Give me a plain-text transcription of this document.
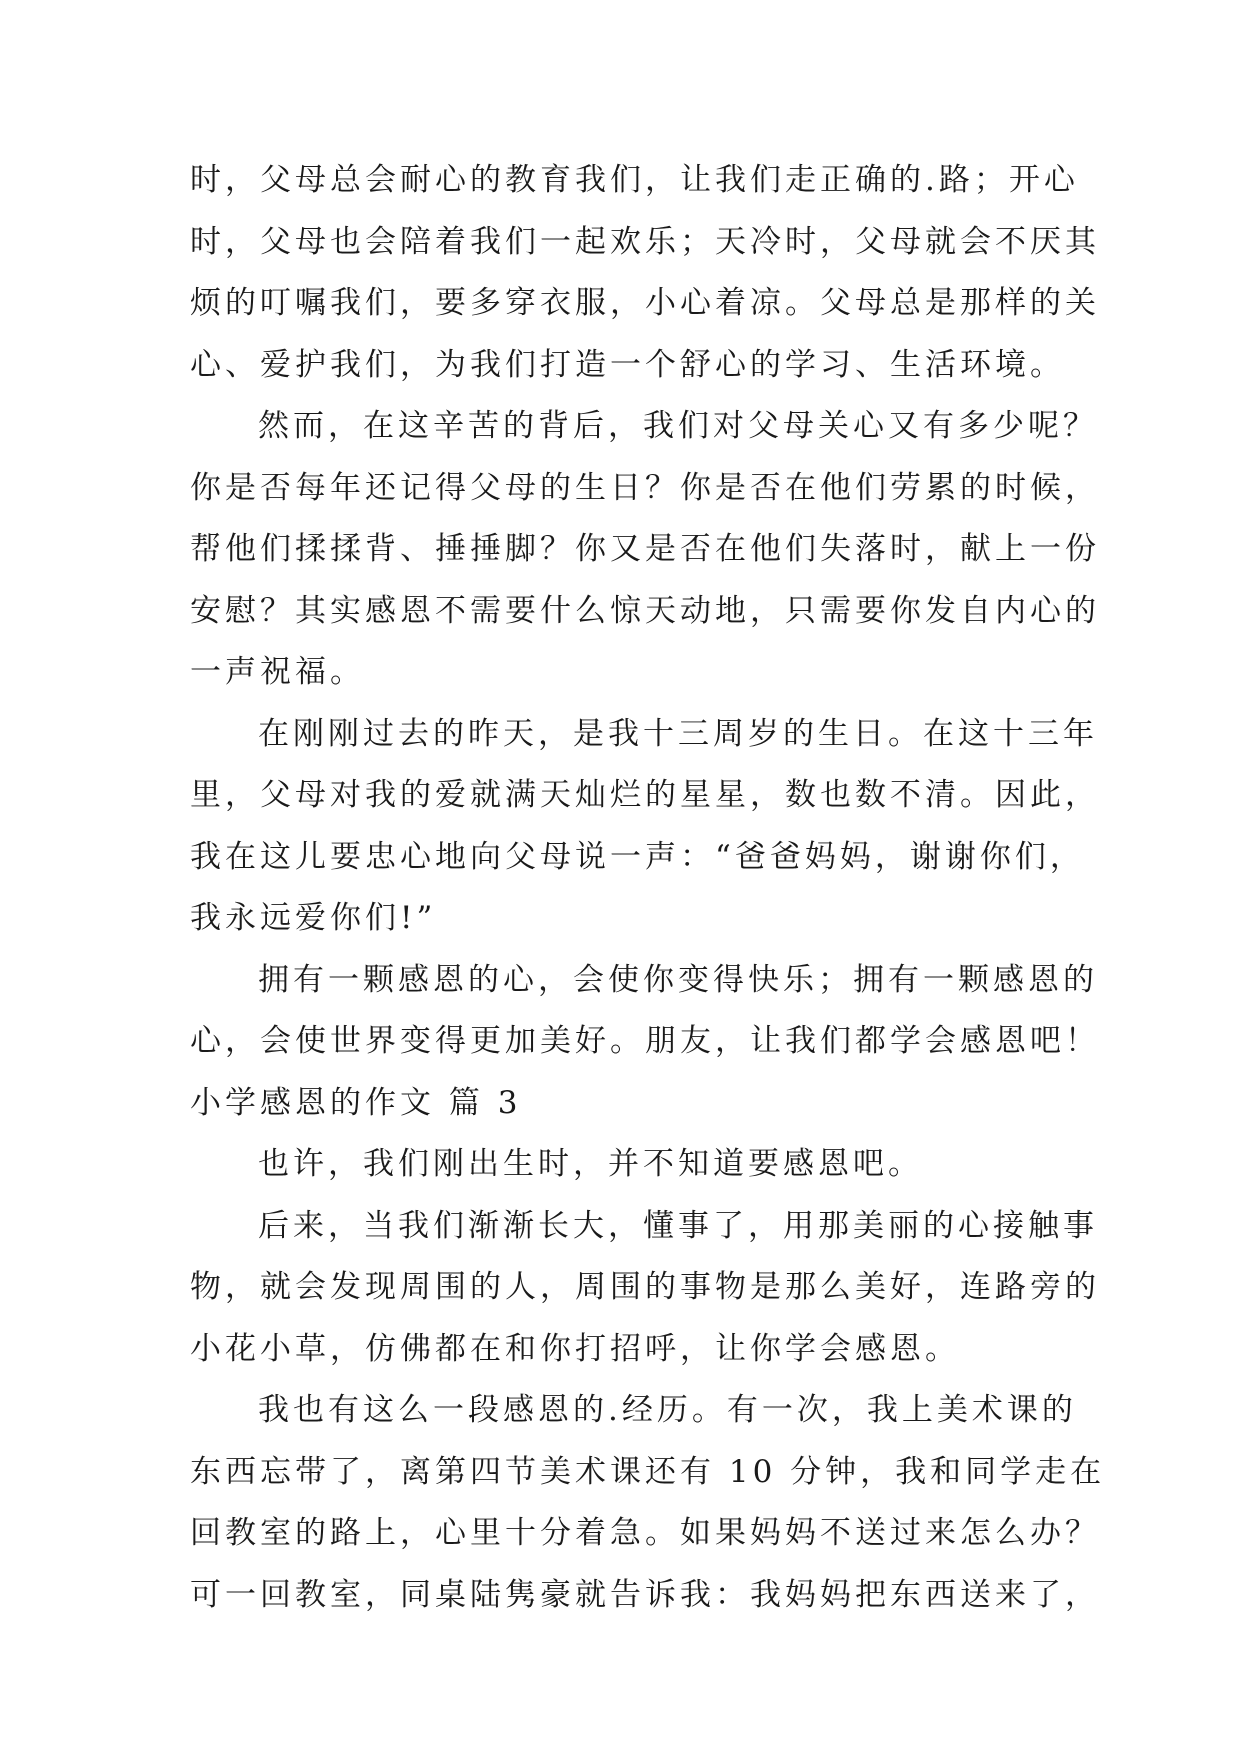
时，父母总会耐心的教育我们，让我们走正确的.路；开心
时，父母也会陪着我们一起欢乐；天冷时，父母就会不厌其
烦的叮嘱我们，要多穿衣服，小心着凉。父母总是那样的关
心、爱护我们，为我们打造一个舒心的学习、生活环境。
然而，在这辛苦的背后，我们对父母关心又有多少呢？
你是否每年还记得父母的生日？你是否在他们劳累的时候，
帮他们揉揉背、捶捶脚？你又是否在他们失落时，献上一份
安慰？其实感恩不需要什么惊天动地，只需要你发自内心的
一声祝福。
在刚刚过去的昨天，是我十三周岁的生日。在这十三年
里，父母对我的爱就满天灿烂的星星，数也数不清。因此，
我在这儿要忠心地向父母说一声：“爸爸妈妈，谢谢你们，
我永远爱你们!”
拥有一颗感恩的心，会使你变得快乐；拥有一颗感恩的
心，会使世界变得更加美好。朋友，让我们都学会感恩吧！
小学感恩的作文 篇 3
也许，我们刚出生时，并不知道要感恩吧。
后来，当我们渐渐长大，懂事了，用那美丽的心接触事
物，就会发现周围的人，周围的事物是那么美好，连路旁的
小花小草，仿佛都在和你打招呼，让你学会感恩。
我也有这么一段感恩的.经历。有一次，我上美术课的
东西忘带了，离第四节美术课还有 10 分钟，我和同学走在
回教室的路上，心里十分着急。如果妈妈不送过来怎么办？
可一回教室，同桌陆隽豪就告诉我：我妈妈把东西送来了，
